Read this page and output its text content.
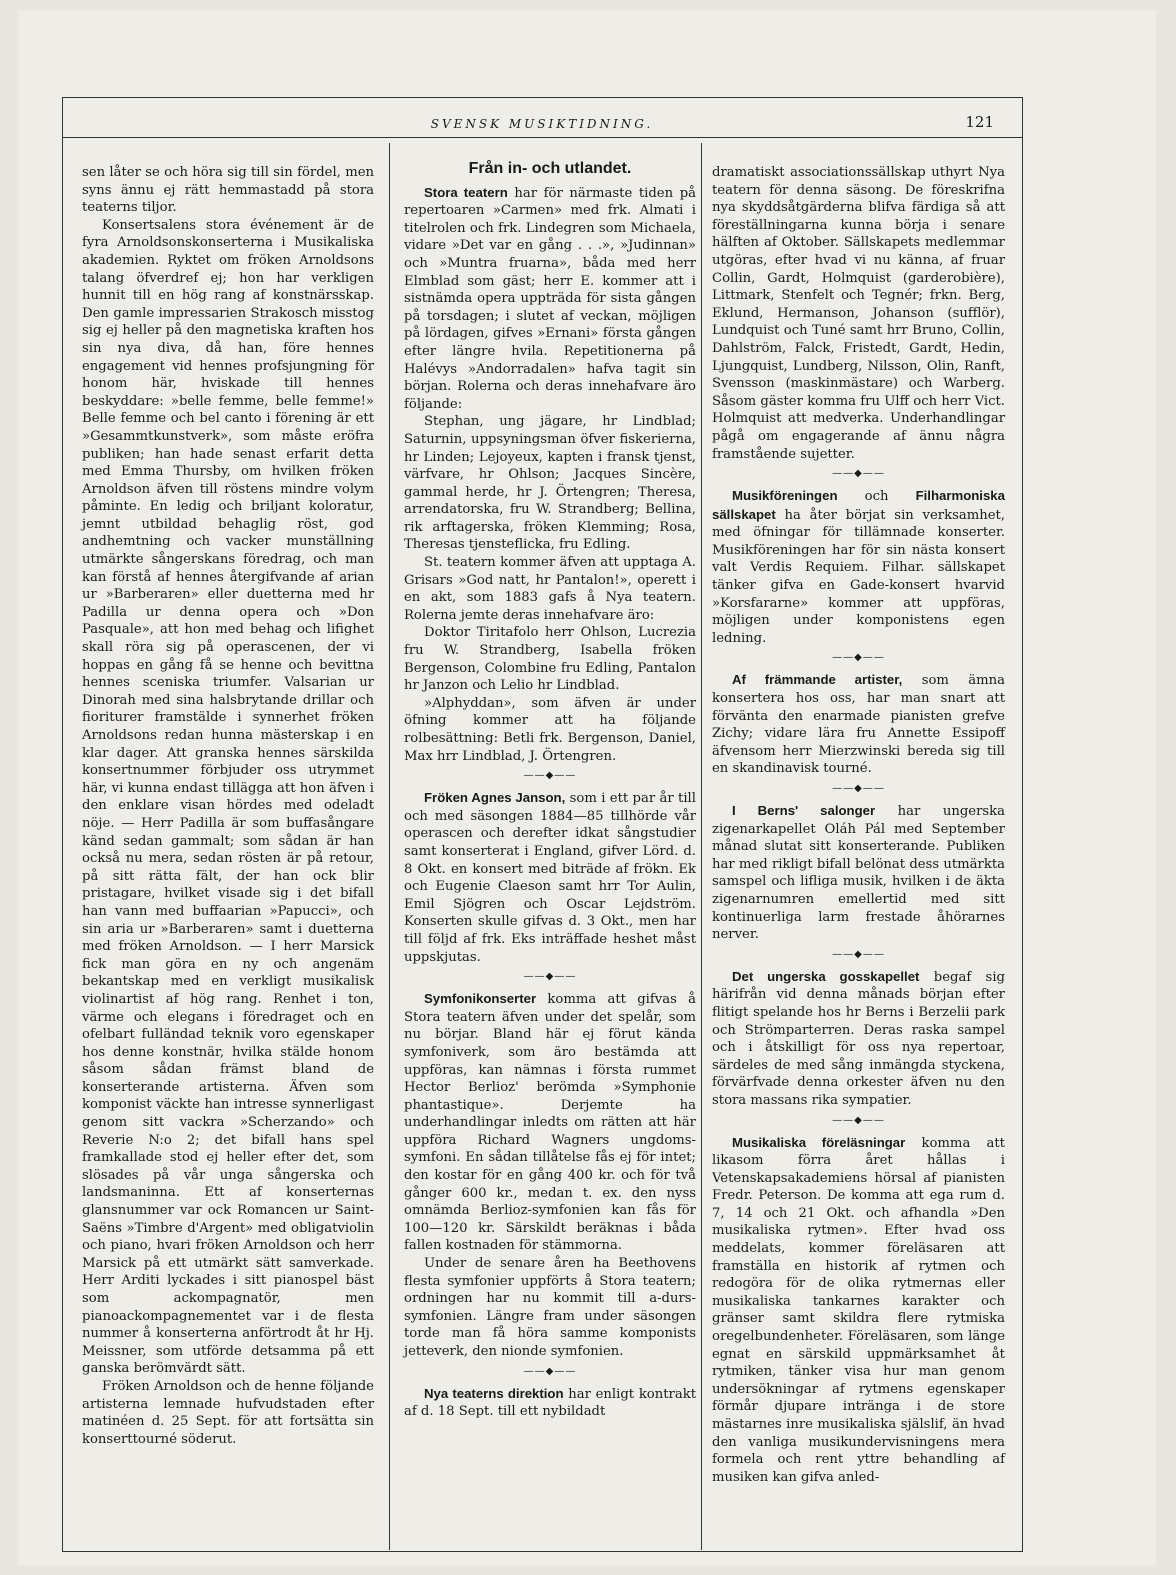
SVENSK MUSIKTIDNING.	121

sen låter se och höra sig till sin fördel, men syns ännu ej rätt hemmastadd på stora teaterns tiljor.

Konsertsalens stora événement är de fyra Arnoldsonskonserterna i Musikaliska akademien. Ryktet om fröken Arnoldsons talang öfverdref ej; hon har verkligen hunnit till en hög rang af konstnärsskap. Den gamle impressarien Strakosch misstog sig ej heller på den magnetiska kraften hos sin nya diva, då han, före hennes engagement vid hennes profsjungning för honom här, hviskade till hennes beskyddare: »belle femme, belle femme!» Belle femme och bel canto i förening är ett »Gesammtkunstverk», som måste eröfra publiken; han hade senast erfarit detta med Emma Thursby, om hvilken fröken Arnoldson äfven till röstens mindre volym påminte. En ledig och briljant koloratur, jemnt utbildad behaglig röst, god andhemtning och vacker munställning utmärkte sångerskans föredrag, och man kan förstå af hennes återgifvande af arian ur »Barberaren» eller duetterna med hr Padilla ur denna opera och »Don Pasquale», att hon med behag och lifighet skall röra sig på operascenen, der vi hoppas en gång få se henne och bevittna hennes sceniska triumfer. Valsarian ur Dinorah med sina halsbrytande drillar och fioriturer framstälde i synnerhet fröken Arnoldsons redan hunna mästerskap i en klar dager. Att granska hennes särskilda konsertnummer förbjuder oss utrymmet här, vi kunna endast tillägga att hon äfven i den enklare visan hördes med odeladt nöje. — Herr Padilla är som buffasångare känd sedan gammalt; som sådan är han också nu mera, sedan rösten är på retour, på sitt rätta fält, der han ock blir pristagare, hvilket visade sig i det bifall han vann med buffaarian »Papucci», och sin aria ur »Barberaren» samt i duetterna med fröken Arnoldson. — I herr Marsick fick man göra en ny och angenäm bekantskap med en verkligt musikalisk violinartist af hög rang. Renhet i ton, värme och elegans i föredraget och en ofelbart fulländad teknik voro egenskaper hos denne konstnär, hvilka stälde honom såsom sådan främst bland de konserterande artisterna. Äfven som komponist väckte han intresse synnerligast genom sitt vackra »Scherzando» och Reverie N:o 2; det bifall hans spel framkallade stod ej heller efter det, som slösades på vår unga sångerska och landsmaninna. Ett af konserternas glansnummer var ock Romancen ur Saint-Saëns »Timbre d'Argent» med obligatviolin och piano, hvari fröken Arnoldson och herr Marsick på ett utmärkt sätt samverkade. Herr Arditi lyckades i sitt pianospel bäst som ackompagnatör, men pianoackompagnementet var i de flesta nummer å konserterna anförtrodt åt hr Hj. Meissner, som utförde detsamma på ett ganska berömvärdt sätt.

Fröken Arnoldson och de henne följande artisterna lemnade hufvudstaden efter matinéen d. 25 Sept. för att fortsätta sin konserttourné söderut.

Från in- och utlandet.

Stora teatern har för närmaste tiden på repertoaren »Carmen» med frk. Almati i titelrolen och frk. Lindegren som Michaela, vidare »Det var en gång . . .», »Judinnan» och »Muntra fruarna», båda med herr Elmblad som gäst; herr E. kommer att i sistnämda opera uppträda för sista gången på torsdagen; i slutet af veckan, möjligen på lördagen, gifves »Ernani» första gången efter längre hvila. Repetitionerna på Halévys »Andorradalen» hafva tagit sin början. Rolerna och deras innehafvare äro följande:

Stephan, ung jägare, hr Lindblad; Saturnin, uppsyningsman öfver fiskerierna, hr Linden; Lejoyeux, kapten i fransk tjenst, värfvare, hr Ohlson; Jacques Sincère, gammal herde, hr J. Örtengren; Theresa, arrendatorska, fru W. Strandberg; Bellina, rik arftagerska, fröken Klemming; Rosa, Theresas tjensteflicka, fru Edling.

St. teatern kommer äfven att upptaga A. Grisars »God natt, hr Pantalon!», operett i en akt, som 1883 gafs å Nya teatern. Rolerna jemte deras innehafvare äro:

Doktor Tiritafolo herr Ohlson, Lucrezia fru W. Strandberg, Isabella fröken Bergenson, Colombine fru Edling, Pantalon hr Janzon och Lelio hr Lindblad.

»Alphyddan», som äfven är under öfning kommer att ha följande rolbesättning: Betli frk. Bergenson, Daniel, Max hrr Lindblad, J. Örtengren.

——◆——

Fröken Agnes Janson, som i ett par år till och med säsongen 1884—85 tillhörde vår operascen och derefter idkat sångstudier samt konserterat i England, gifver Lörd. d. 8 Okt. en konsert med biträde af frökn. Ek och Eugenie Claeson samt hrr Tor Aulin, Emil Sjögren och Oscar Lejdström. Konserten skulle gifvas d. 3 Okt., men har till följd af frk. Eks inträffade heshet måst uppskjutas.

——◆——

Symfonikonserter komma att gifvas å Stora teatern äfven under det spelår, som nu börjar. Bland här ej förut kända symfoniverk, som äro bestämda att uppföras, kan nämnas i första rummet Hector Berlioz' berömda »Symphonie phantastique». Derjemte ha underhandlingar inledts om rätten att här uppföra Richard Wagners ungdoms-symfoni. En sådan tillåtelse fås ej för intet; den kostar för en gång 400 kr. och för två gånger 600 kr., medan t. ex. den nyss omnämda Berlioz-symfonien kan fås för 100—120 kr. Särskildt beräknas i båda fallen kostnaden för stämmorna.

Under de senare åren ha Beethovens flesta symfonier uppförts å Stora teatern; ordningen har nu kommit till a-durs-symfonien. Längre fram under säsongen torde man få höra samme komponists jetteverk, den nionde symfonien.

——◆——

Nya teaterns direktion har enligt kontrakt af d. 18 Sept. till ett nybildadt

dramatiskt associationssällskap uthyrt Nya teatern för denna säsong. De föreskrifna nya skyddsåtgärderna blifva färdiga så att föreställningarna kunna börja i senare hälften af Oktober. Sällskapets medlemmar utgöras, efter hvad vi nu känna, af fruar Collin, Gardt, Holmquist (garderobière), Littmark, Stenfelt och Tegnér; frkn. Berg, Eklund, Hermanson, Johanson (sufflör), Lundquist och Tuné samt hrr Bruno, Collin, Dahlström, Falck, Fristedt, Gardt, Hedin, Ljungquist, Lundberg, Nilsson, Olin, Ranft, Svensson (maskinmästare) och Warberg. Såsom gäster komma fru Ulff och herr Vict. Holmquist att medverka. Underhandlingar pågå om engagerande af ännu några framstående sujetter.

——◆——

Musikföreningen och Filharmoniska sällskapet ha åter börjat sin verksamhet, med öfningar för tillämnade konserter. Musikföreningen har för sin nästa konsert valt Verdis Requiem. Filhar. sällskapet tänker gifva en Gade-konsert hvarvid »Korsfararne» kommer att uppföras, möjligen under komponistens egen ledning.

——◆——

Af främmande artister, som ämna konsertera hos oss, har man snart att förvänta den enarmade pianisten grefve Zichy; vidare lära fru Annette Essipoff äfvensom herr Mierzwinski bereda sig till en skandinavisk tourné.

——◆——

I Berns' salonger har ungerska zigenarkapellet Oláh Pál med September månad slutat sitt konserterande. Publiken har med rikligt bifall belönat dess utmärkta samspel och lifliga musik, hvilken i de äkta zigenarnumren emellertid med sitt kontinuerliga larm frestade åhörarnes nerver.

——◆——

Det ungerska gosskapellet begaf sig härifrån vid denna månads början efter flitigt spelande hos hr Berns i Berzelii park och Strömparterren. Deras raska sampel och i åtskilligt för oss nya repertoar, särdeles de med sång inmängda styckena, förvärfvade denna orkester äfven nu den stora massans rika sympatier.

——◆——

Musikaliska föreläsningar komma att likasom förra året hållas i Vetenskapsakademiens hörsal af pianisten Fredr. Peterson. De komma att ega rum d. 7, 14 och 21 Okt. och afhandla »Den musikaliska rytmen». Efter hvad oss meddelats, kommer föreläsaren att framställa en historik af rytmen och redogöra för de olika rytmernas eller musikaliska tankarnes karakter och gränser samt skildra flere rytmiska oregelbundenheter. Föreläsaren, som länge egnat en särskild uppmärksamhet åt rytmiken, tänker visa hur man genom undersökningar af rytmens egenskaper förmår djupare intränga i de store mästarnes inre musikaliska själslif, än hvad den vanliga musikundervisningens mera formela och rent yttre behandling af musiken kan gifva anled-
